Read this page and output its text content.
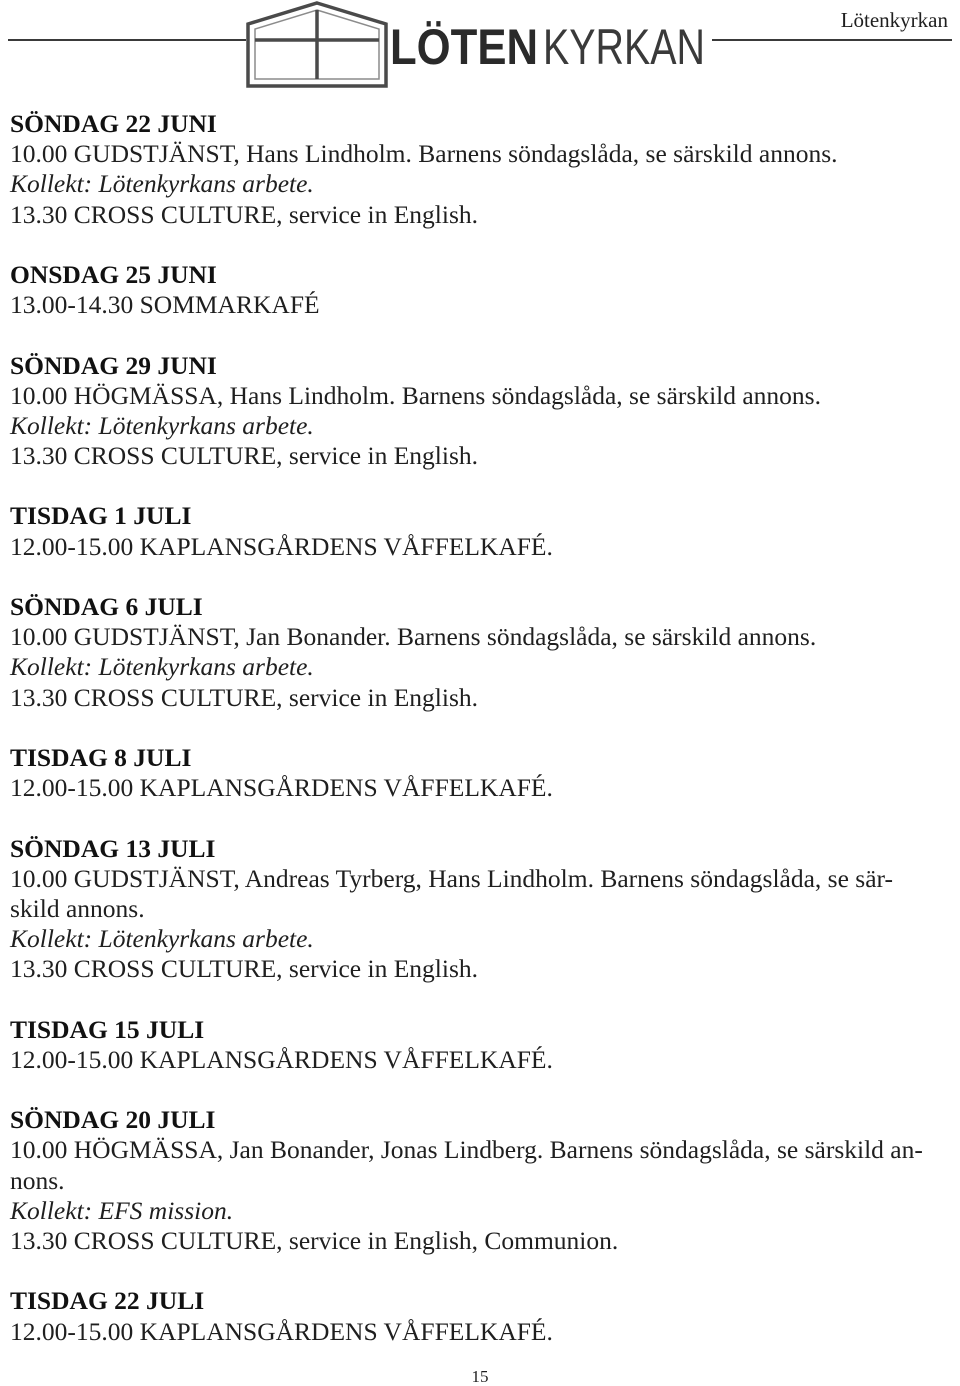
LÖTEN KYRKAN	Lötenkyrkan
SÖNDAG 22 JUNI
10.00 GUDSTJÄNST, Hans Lindholm. Barnens söndagslåda, se särskild annons.
Kollekt: Lötenkyrkans arbete.
13.30 CROSS CULTURE, service in English.
ONSDAG 25 JUNI
13.00-14.30 SOMMARKAFÉ
SÖNDAG 29 JUNI
10.00 HÖGMÄSSA, Hans Lindholm. Barnens söndagslåda, se särskild annons.
Kollekt: Lötenkyrkans arbete.
13.30 CROSS CULTURE, service in English.
TISDAG 1 JULI
12.00-15.00 KAPLANSGÅRDENS VÅFFELKAFÉ.
SÖNDAG 6 JULI
10.00 GUDSTJÄNST, Jan Bonander. Barnens söndagslåda, se särskild annons.
Kollekt: Lötenkyrkans arbete.
13.30 CROSS CULTURE, service in English.
TISDAG 8 JULI
12.00-15.00 KAPLANSGÅRDENS VÅFFELKAFÉ.
SÖNDAG 13 JULI
10.00 GUDSTJÄNST, Andreas Tyrberg, Hans Lindholm. Barnens söndagslåda, se sär-
skild annons.
Kollekt: Lötenkyrkans arbete.
13.30 CROSS CULTURE, service in English.
TISDAG 15 JULI
12.00-15.00 KAPLANSGÅRDENS VÅFFELKAFÉ.
SÖNDAG 20 JULI
10.00 HÖGMÄSSA, Jan Bonander, Jonas Lindberg. Barnens söndagslåda, se särskild an-
nons.
Kollekt: EFS mission.
13.30 CROSS CULTURE, service in English, Communion.
TISDAG 22 JULI
12.00-15.00 KAPLANSGÅRDENS VÅFFELKAFÉ.
15
